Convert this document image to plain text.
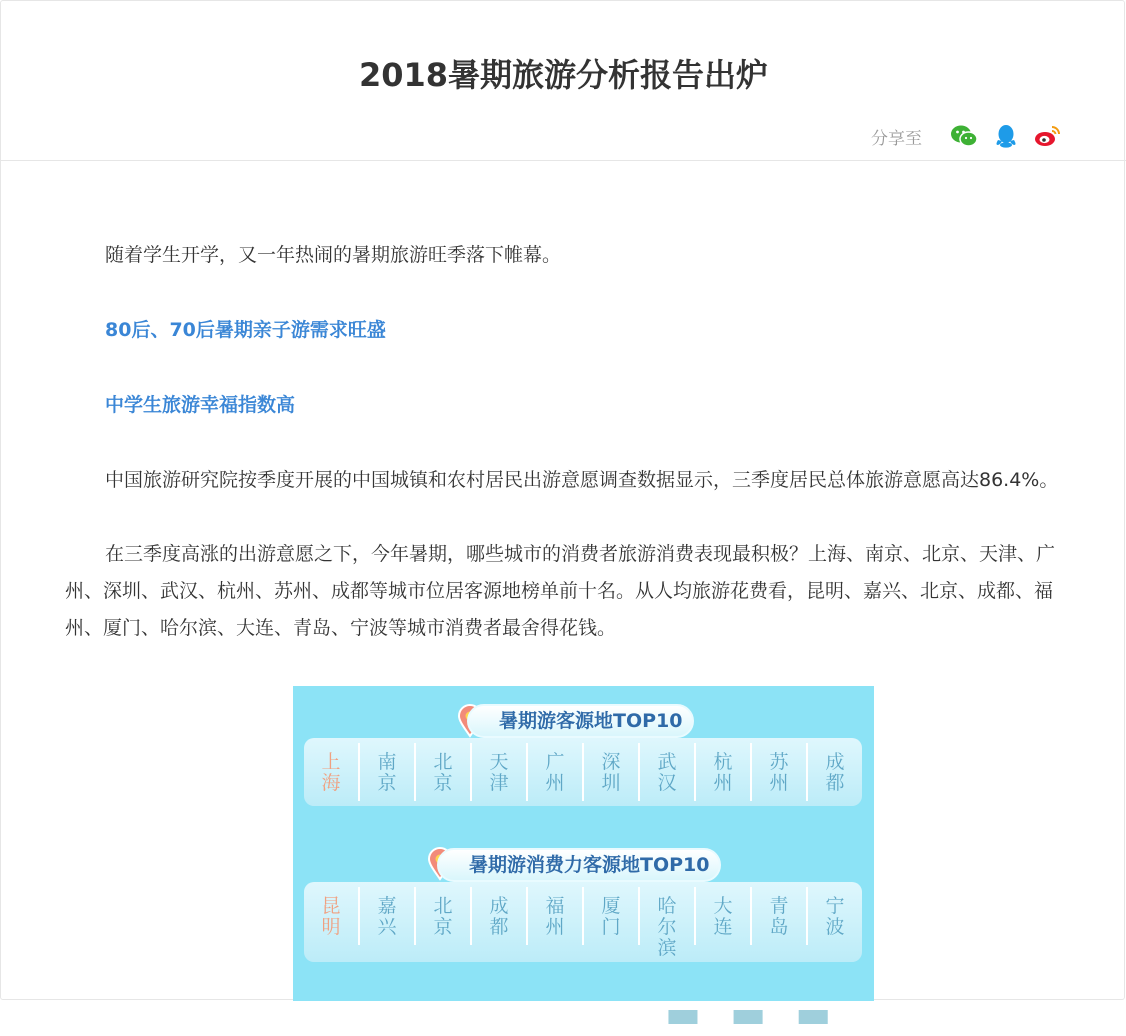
2018暑期旅游分析报告出炉
分享至

随着学生开学，又一年热闹的暑期旅游旺季落下帷幕。

80后、70后暑期亲子游需求旺盛

中学生旅游幸福指数高

中国旅游研究院按季度开展的中国城镇和农村居民出游意愿调查数据显示，三季度居民总体旅游意愿高达86.4%。

在三季度高涨的出游意愿之下，今年暑期，哪些城市的消费者旅游消费表现最积极？上海、南京、北京、天津、广州、深圳、武汉、杭州、苏州、成都等城市位居客源地榜单前十名。从人均旅游花费看，昆明、嘉兴、北京、成都、福州、厦门、哈尔滨、大连、青岛、宁波等城市消费者最舍得花钱。

暑期游客源地TOP10
上
海
南
京
北
京
天
津
广
州
深
圳
武
汉
杭
州
苏
州
成
都
暑期游消费力客源地TOP10
昆
明
嘉
兴
北
京
成
都
福
州
厦
门
哈
尔
滨
大
连
青
岛
宁
波
▬ ▬ ▬
